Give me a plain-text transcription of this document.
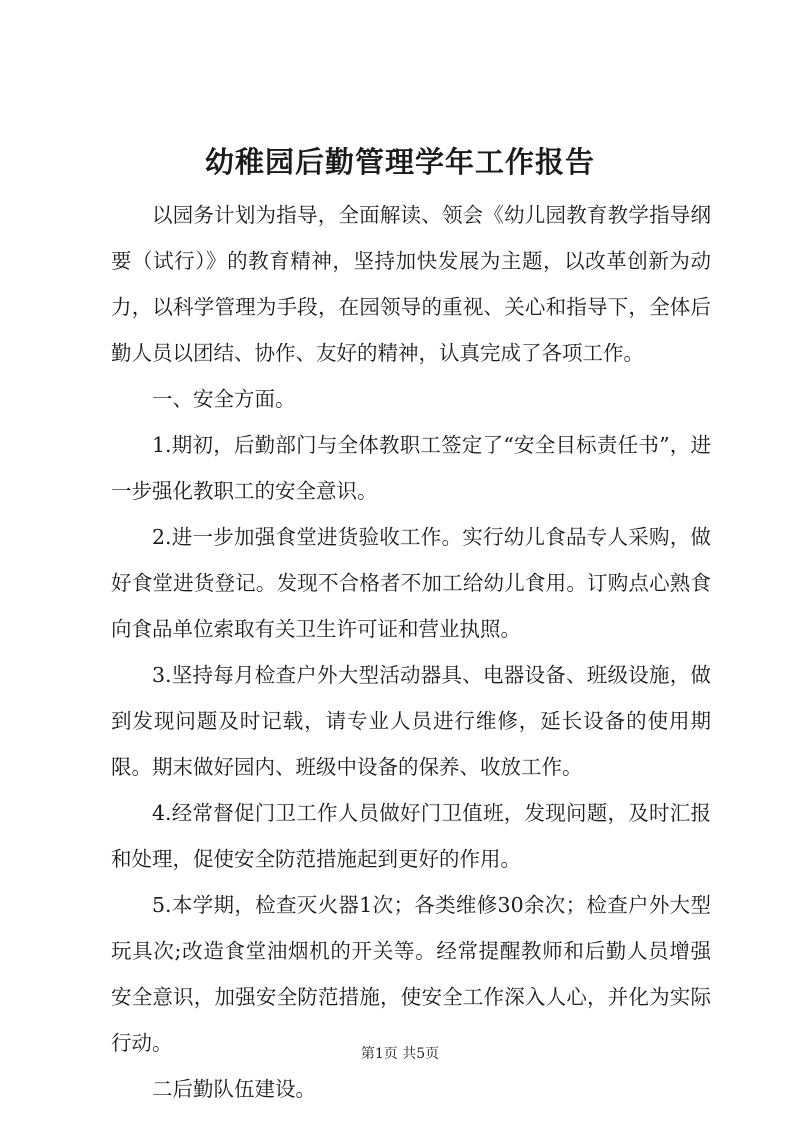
幼稚园后勤管理学年工作报告

以园务计划为指导，全面解读、领会《幼儿园教育教学指导纲要（试行）》的教育精神，坚持加快发展为主题，以改革创新为动力，以科学管理为手段，在园领导的重视、关心和指导下，全体后勤人员以团结、协作、友好的精神，认真完成了各项工作。

一、安全方面。

1.期初，后勤部门与全体教职工签定了“安全目标责任书”，进一步强化教职工的安全意识。

2.进一步加强食堂进货验收工作。实行幼儿食品专人采购，做好食堂进货登记。发现不合格者不加工给幼儿食用。订购点心熟食向食品单位索取有关卫生许可证和营业执照。

3.坚持每月检查户外大型活动器具、电器设备、班级设施，做到发现问题及时记载，请专业人员进行维修，延长设备的使用期限。期末做好园内、班级中设备的保养、收放工作。

4.经常督促门卫工作人员做好门卫值班，发现问题，及时汇报和处理，促使安全防范措施起到更好的作用。

5.本学期，检查灭火器1次；各类维修30余次；检查户外大型玩具次;改造食堂油烟机的开关等。经常提醒教师和后勤人员增强安全意识，加强安全防范措施，使安全工作深入人心，并化为实际行动。

二后勤队伍建设。

第1页 共5页
